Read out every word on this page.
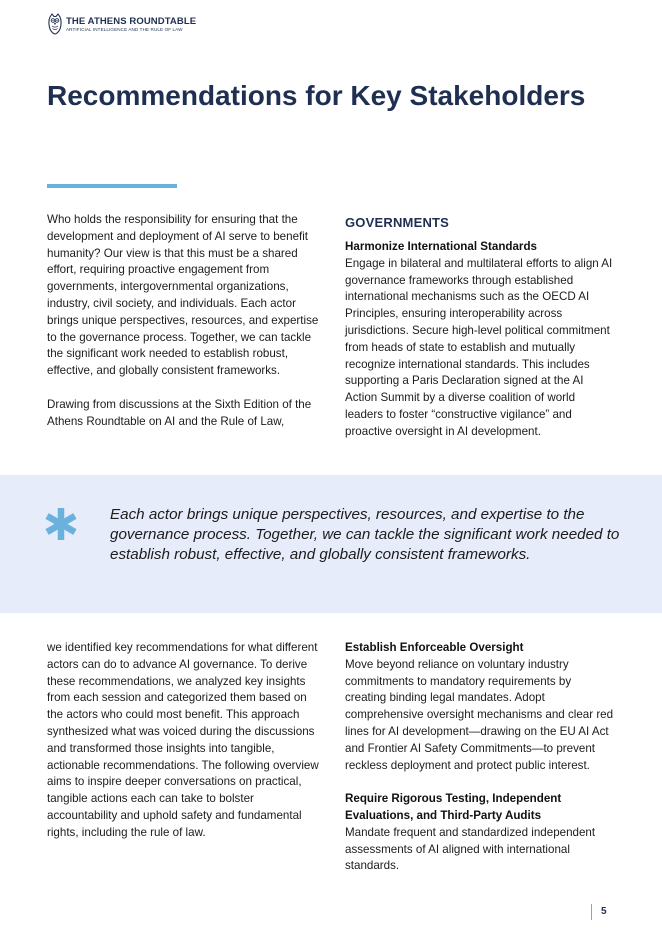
THE ATHENS ROUNDTABLE
ARTIFICIAL INTELLIGENCE AND THE RULE OF LAW
Recommendations for Key Stakeholders

Who holds the responsibility for ensuring that the development and deployment of AI serve to benefit humanity? Our view is that this must be a shared effort, requiring proactive engagement from governments, intergovernmental organizations, industry, civil society, and individuals. Each actor brings unique perspectives, resources, and expertise to the governance process. Together, we can tackle the significant work needed to establish robust, effective, and globally consistent frameworks.

Drawing from discussions at the Sixth Edition of the Athens Roundtable on AI and the Rule of Law,

GOVERNMENTS
Harmonize International Standards

Engage in bilateral and multilateral efforts to align AI governance frameworks through established international mechanisms such as the OECD AI Principles, ensuring interoperability across jurisdictions. Secure high-level political commitment from heads of state to establish and mutually recognize international standards. This includes supporting a Paris Declaration signed at the AI Action Summit by a diverse coalition of world leaders to foster “constructive vigilance” and proactive oversight in AI development.

Each actor brings unique perspectives, resources, and expertise to the governance process. Together, we can tackle the significant work needed to establish robust, effective, and globally consistent frameworks.

we identified key recommendations for what different actors can do to advance AI governance. To derive these recommendations, we analyzed key insights from each session and categorized them based on the actors who could most benefit. This approach synthesized what was voiced during the discussions and transformed those insights into tangible, actionable recommendations. The following overview aims to inspire deeper conversations on practical, tangible actions each can take to bolster accountability and uphold safety and fundamental rights, including the rule of law.

Establish Enforceable Oversight

Move beyond reliance on voluntary industry commitments to mandatory requirements by creating binding legal mandates. Adopt comprehensive oversight mechanisms and clear red lines for AI development—drawing on the EU AI Act and Frontier AI Safety Commitments—to prevent reckless deployment and protect public interest.

Require Rigorous Testing, Independent Evaluations, and Third-Party Audits

Mandate frequent and standardized independent assessments of AI aligned with international standards.

5
